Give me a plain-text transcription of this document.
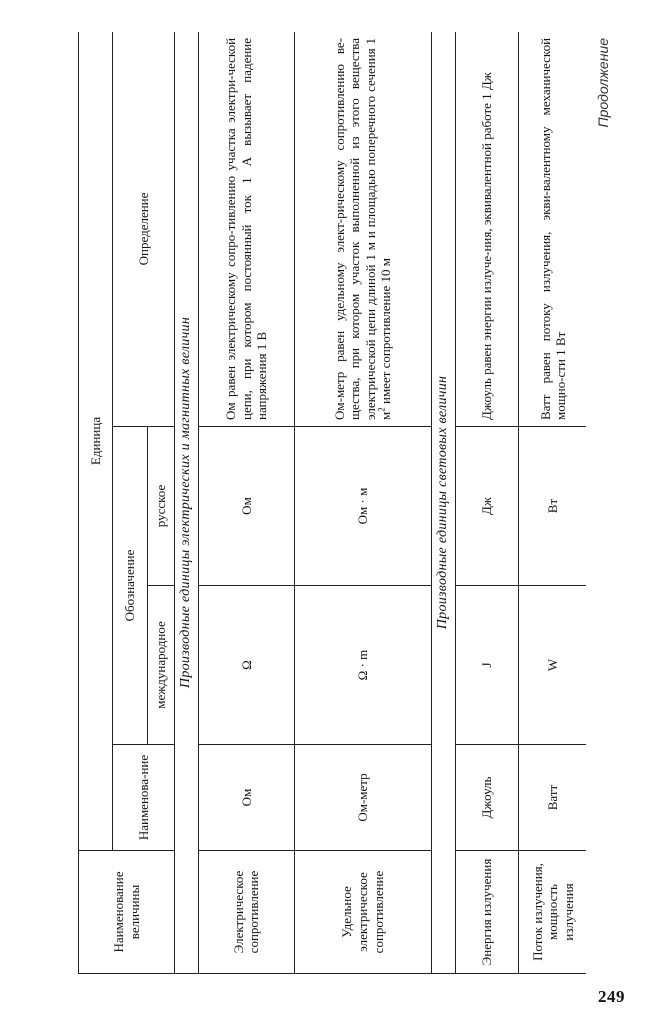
Продолжение
Наименование величины	Единица			
	Наименова-ние	Обозначение		Определение
		международное	русское	
Производные единицы электрических и магнитных величин				
Электрическое сопротивление	Ом	Ω	Ом	Ом равен электрическому сопро-тивлению участка электри-ческой цепи, при котором постоянный ток 1 А вызывает падение напряжения 1 В
Удельное электрическое сопротивление	Ом-метр	Ω · m	Ом · м	Ом-метр равен удельному элект-рическому сопротивлению ве-щества, при котором участок выполненной из этого вещества электрической цепи длиной 1 м и площадью поперечного сечения 1 $м^2$ имеет сопротивление 10 м
Производные единицы световых величин				
Энергия излучения	Джоуль	J	Дж	Джоуль равен энергии излуче-ния, эквивалентной работе 1 Дж
Поток излучения, мощность излучения	Ватт	W	Вт	Ватт равен потоку излучения, экви-валентному механической мощно-сти 1 Вт
249
